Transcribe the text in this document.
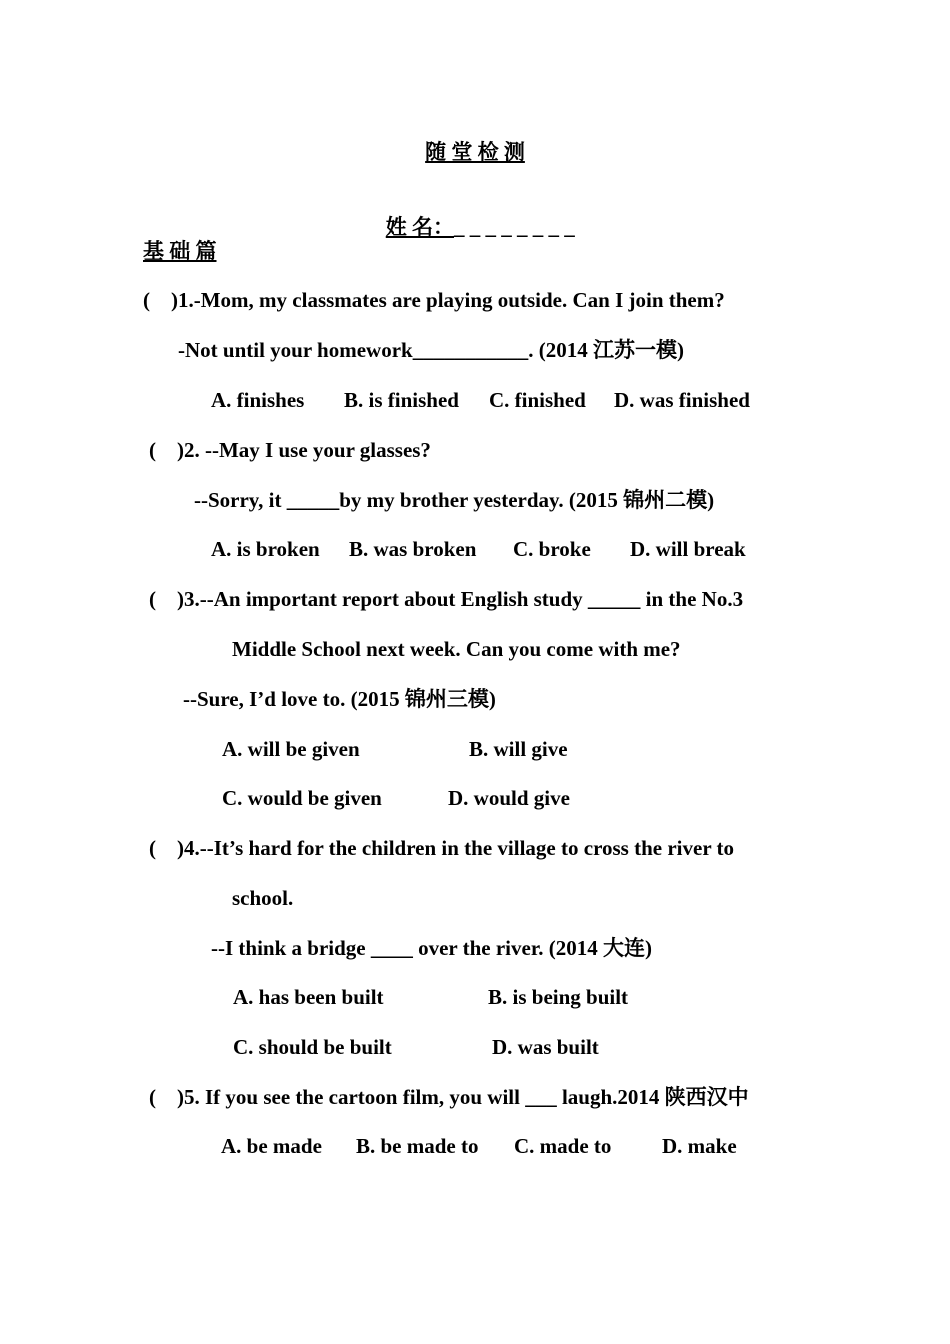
随 堂 检 测

姓 名：_ _ _ _ _ _ _ _

基 础 篇
(    )1.-Mom, my classmates are playing outside. Can I join them?
-Not until your homework___________. (2014 江苏一模)
A. finishes B. is finished C. finished D. was finished
(    )2. --May I use your glasses?
--Sorry, it _____by my brother yesterday. (2015 锦州二模)
A. is broken B. was broken C. broke D. will break
(    )3.--An important report about English study _____ in the No.3
Middle School next week. Can you come with me?
--Sure, I’d love to. (2015 锦州三模)
A. will be given	B. will give
C. would be given	D. would give
(    )4.--It’s hard for the children in the village to cross the river to
school.
--I think a bridge ____ over the river. (2014 大连)
A. has been built	B. is being built
C. should be built	D. was built
(    )5. If you see the cartoon film, you will ___ laugh.2014 陕西汉中
A. be made B. be made to C. made to D. make
